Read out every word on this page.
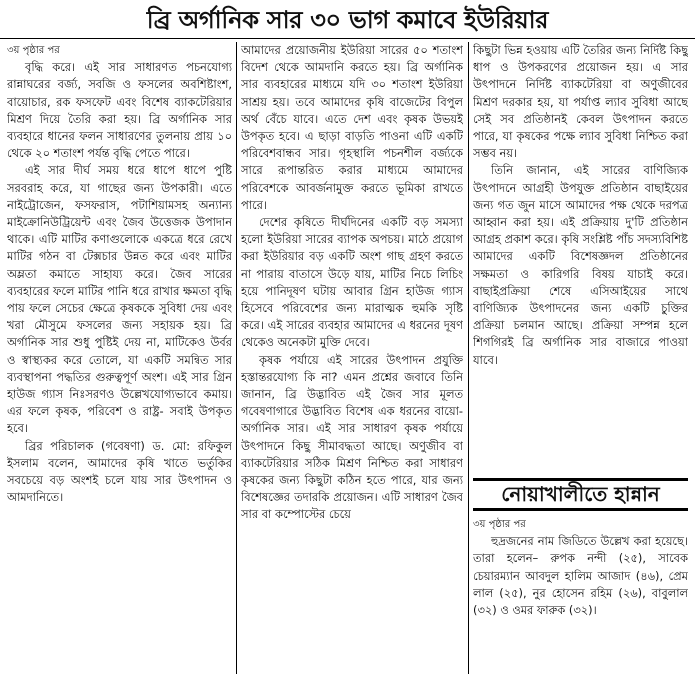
ব্রি অর্গানিক সার ৩০ ভাগ কমাবে ইউরিয়ার

৩য় পৃষ্ঠার পর

বৃদ্ধি করে। এই সার সাধারণত পচনযোগ্য রান্নাঘরের বর্জ্য, সবজি ও ফসলের অবশিষ্টাংশ, বায়োচার, রক ফসফেট এবং বিশেষ ব্যাকটেরিয়ার মিশ্রণ দিয়ে তৈরি করা হয়। ব্রি অর্গানিক সার ব্যবহারে ধানের ফলন সাধারণের তুলনায় প্রায় ১০ থেকে ২০ শতাংশ পর্যন্ত বৃদ্ধি পেতে পারে।

এই সার দীর্ঘ সময় ধরে ধাপে ধাপে পুষ্টি সরবরাহ করে, যা গাছের জন্য উপকারী। এতে নাইট্রোজেন, ফসফরাস, পটাশিয়ামসহ অন্যান্য মাইক্রোনিউট্রিয়েন্ট এবং জৈব উত্তেজক উপাদান থাকে। এটি মাটির কণাগুলোকে একত্রে ধরে রেখে মাটির গঠন বা টেক্সচার উন্নত করে এবং মাটির অম্লতা কমাতে সাহায্য করে। জৈব সারের ব্যবহারের ফলে মাটির পানি ধরে রাখার ক্ষমতা বৃদ্ধি পায় ফলে সেচের ক্ষেত্রে কৃষককে সুবিধা দেয় এবং খরা মৌসুমে ফসলের জন্য সহায়ক হয়। ব্রি অর্গানিক সার শুধু পুষ্টিই দেয় না, মাটিকেও উর্বর ও স্বাস্থ্যকর করে তোলে, যা একটি সমন্বিত সার ব্যবস্থাপনা পদ্ধতির গুরুত্বপূর্ণ অংশ। এই সার গ্রিন হাউজ গ্যাস নিঃসরণও উল্লেখযোগ্যভাবে কমায়। এর ফলে কৃষক, পরিবেশ ও রাষ্ট্র- সবাই উপকৃত হবে।

ব্রির পরিচালক (গবেষণা) ড. মো: রফিকুল ইসলাম বলেন, আমাদের কৃষি খাতে ভর্তুকির সবচেয়ে বড় অংশই চলে যায় সার উৎপাদন ও আমদানিতে।

আমাদের প্রয়োজনীয় ইউরিয়া সারের ৫০ শতাংশ বিদেশ থেকে আমদানি করতে হয়। ব্রি অর্গানিক সার ব্যবহারের মাধ্যমে যদি ৩০ শতাংশ ইউরিয়া সাশ্রয় হয়। তবে আমাদের কৃষি বাজেটের বিপুল অর্থ বেঁচে যাবে। এতে দেশ এবং কৃষক উভয়ই উপকৃত হবে। এ ছাড়া বাড়তি পাওনা এটি একটি পরিবেশবান্ধব সার। গৃহস্থালি পচনশীল বর্জ্যকে সারে রূপান্তরিত করার মাধ্যমে আমাদের পরিবেশকে আবর্জনামুক্ত করতে ভূমিকা রাখতে পারে।

দেশের কৃষিতে দীর্ঘদিনের একটি বড় সমস্যা হলো ইউরিয়া সারের ব্যাপক অপচয়। মাঠে প্রয়োগ করা ইউরিয়ার বড় একটি অংশ গাছ গ্রহণ করতে না পারায় বাতাসে উড়ে যায়, মাটির নিচে লিচিং হয়ে পানিদূষণ ঘটায় আবার গ্রিন হাউজ গ্যাস হিসেবে পরিবেশের জন্য মারাত্মক হুমকি সৃষ্টি করে। এই সারের ব্যবহার আমাদের এ ধরনের দূষণ থেকেও অনেকটা মুক্তি দেবে।

কৃষক পর্যায়ে এই সারের উৎপাদন প্রযুক্তি হস্তান্তরযোগ্য কি না? এমন প্রশ্নের জবাবে তিনি জানান, ব্রি উদ্ভাবিত এই জৈব সার মূলত গবেষণাগারে উদ্ভাবিত বিশেষ এক ধরনের বায়ো-অর্গানিক সার। এই সার সাধারণ কৃষক পর্যায়ে উৎপাদনে কিছু সীমাবদ্ধতা আছে। অণুজীব বা ব্যাকটেরিয়ার সঠিক মিশ্রণ নিশ্চিত করা সাধারণ কৃষকের জন্য কিছুটা কঠিন হতে পারে, যার জন্য বিশেষজ্ঞের তদারকি প্রয়োজন। এটি সাধারণ জৈব সার বা কম্পোস্টের চেয়ে

কিছুটা ভিন্ন হওয়ায় এটি তৈরির জন্য নির্দিষ্ট কিছু ধাপ ও উপকরণের প্রয়োজন হয়। এ সার উৎপাদনে নির্দিষ্ট ব্যাকটেরিয়া বা অণুজীবের মিশ্রণ দরকার হয়, যা পর্যাপ্ত ল্যাব সুবিধা আছে সেই সব প্রতিষ্ঠানই কেবল উৎপাদন করতে পারে, যা কৃষকের পক্ষে ল্যাব সুবিধা নিশ্চিত করা সম্ভব নয়।

তিনি জানান, এই সারের বাণিজ্যিক উৎপাদনে আগ্রহী উপযুক্ত প্রতিষ্ঠান বাছাইয়ের জন্য গত জুন মাসে আমাদের পক্ষ থেকে দরপত্র আহ্বান করা হয়। এই প্রক্রিয়ায় দু'টি প্রতিষ্ঠান আগ্রহ প্রকাশ করে। কৃষি সংশ্লিষ্ট পাঁচ সদস্যবিশিষ্ট আমাদের একটি বিশেষজ্ঞদল প্রতিষ্ঠানের সক্ষমতা ও কারিগরি বিষয় যাচাই করে। বাছাইপ্রক্রিয়া শেষে এসিআইয়ের সাথে বাণিজ্যিক উৎপাদনের জন্য একটি চুক্তির প্রক্রিয়া চলমান আছে। প্রক্রিয়া সম্পন্ন হলে শিগগিরই ব্রি অর্গানিক সার বাজারে পাওয়া যাবে।

নোয়াখালীতে হান্নান

৩য় পৃষ্ঠার পর

হুদ্রজনের নাম জিডিতে উল্লেখ করা হয়েছে। তারা হলেন– রুপক নন্দী (২৫), সাবেক চেয়ারম্যান আবদুল হালিম আজাদ (৪৬), প্রেম লাল (২৫), নুর হোসেন রহিম (২৬), বাবুলাল (৩২) ও ওমর ফারুক (৩২)।
